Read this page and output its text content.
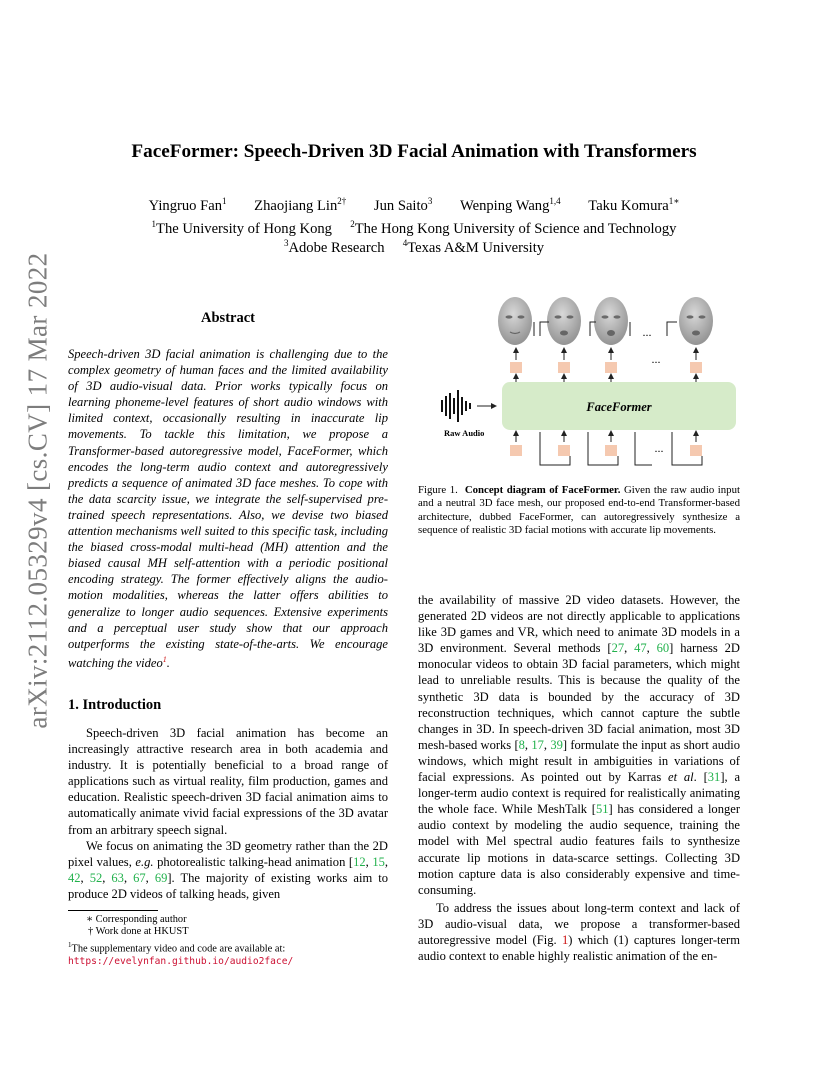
arXiv:2112.05329v4 [cs.CV] 17 Mar 2022
FaceFormer: Speech-Driven 3D Facial Animation with Transformers
Yingruo Fan$^1$ Zhaojiang Lin$^{2\dagger}$ Jun Saito$^3$ Wenping Wang$^{1,4}$ Taku Komura$^{1∗}$
$^1$The University of Hong Kong $^2$The Hong Kong University of Science and Technology
$^3$Adobe Research $^4$Texas A&M University
Abstract
Speech-driven 3D facial animation is challenging due to the complex geometry of human faces and the limited availability of 3D audio-visual data. Prior works typically focus on learning phoneme-level features of short audio windows with limited context, occasionally resulting in inaccurate lip movements. To tackle this limitation, we propose a Transformer-based autoregressive model, FaceFormer, which encodes the long-term audio context and autoregressively predicts a sequence of animated 3D face meshes. To cope with the data scarcity issue, we integrate the self-supervised pre-trained speech representations. Also, we devise two biased attention mechanisms well suited to this specific task, including the biased cross-modal multi-head (MH) attention and the biased causal MH self-attention with a periodic positional encoding strategy. The former effectively aligns the audio-motion modalities, whereas the latter offers abilities to generalize to longer audio sequences. Extensive experiments and a perceptual user study show that our approach outperforms the existing state-of-the-arts. We encourage watching the video$^1$.
1. Introduction

Speech-driven 3D facial animation has become an increasingly attractive research area in both academia and industry. It is potentially beneficial to a broad range of applications such as virtual reality, film production, games and education. Realistic speech-driven 3D facial animation aims to automatically animate vivid facial expressions of the 3D avatar from an arbitrary speech signal.

We focus on animating the 3D geometry rather than the 2D pixel values, e.g. photorealistic talking-head animation [12, 15, 42, 52, 63, 67, 69]. The majority of existing works aim to produce 2D videos of talking heads, given

∗ Corresponding author
† Work done at HKUST
$^1$The supplementary video and code are available at: https://evelynfan.github.io/audio2face/
...
...
FaceFormer
Raw Audio
...
Figure 1. Concept diagram of FaceFormer. Given the raw audio input and a neutral 3D face mesh, our proposed end-to-end Transformer-based architecture, dubbed FaceFormer, can autoregressively synthesize a sequence of realistic 3D facial motions with accurate lip movements.

the availability of massive 2D video datasets. However, the generated 2D videos are not directly applicable to applications like 3D games and VR, which need to animate 3D models in a 3D environment. Several methods [27, 47, 60] harness 2D monocular videos to obtain 3D facial parameters, which might lead to unreliable results. This is because the quality of the synthetic 3D data is bounded by the accuracy of 3D reconstruction techniques, which cannot capture the subtle changes in 3D. In speech-driven 3D facial animation, most 3D mesh-based works [8, 17, 39] formulate the input as short audio windows, which might result in ambiguities in variations of facial expressions. As pointed out by Karras et al. [31], a longer-term audio context is required for realistically animating the whole face. While MeshTalk [51] has considered a longer audio context by modeling the audio sequence, training the model with Mel spectral audio features fails to synthesize accurate lip motions in data-scarce settings. Collecting 3D motion capture data is also considerably expensive and time-consuming.

To address the issues about long-term context and lack of 3D audio-visual data, we propose a transformer-based autoregressive model (Fig. 1) which (1) captures longer-term audio context to enable highly realistic animation of the en-
